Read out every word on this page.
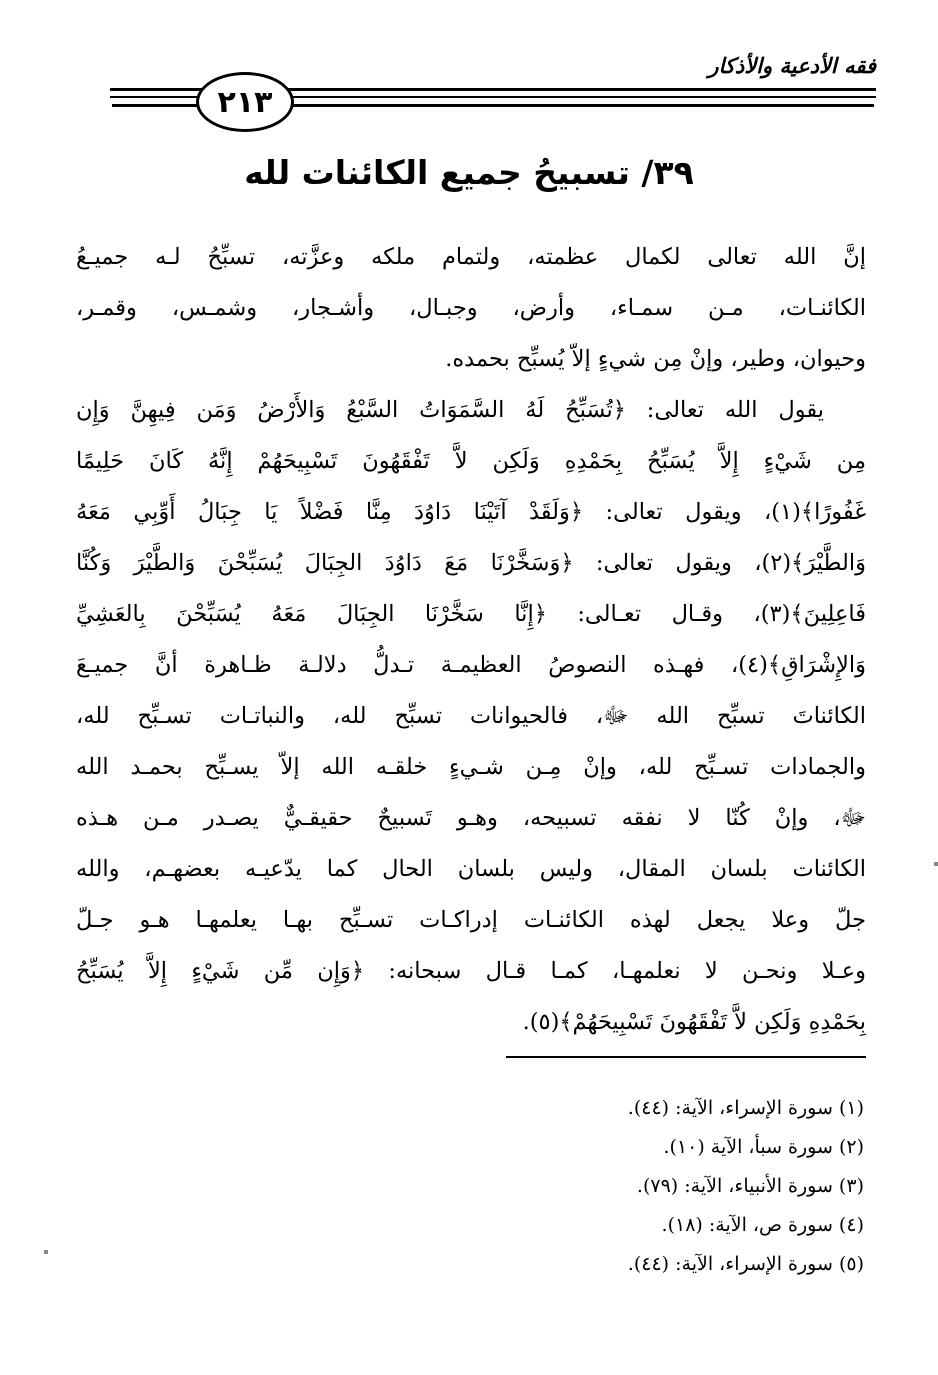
فقه الأدعية والأذكار
٢١٣
٣٩/ تسبيحُ جميع الكائنات لله
إنَّ الله تعالى لكمال عظمته، ولتمام ملكه وعزَّته، تسبِّحُ لـه جميـعُ
الكائنـات، مـن سمـاء، وأرض، وجبـال، وأشـجار، وشمـس، وقمـر،
وحيوان، وطير، وإنْ مِن شيءٍ إلاّ يُسبِّح بحمده.
يقول الله تعالى: ﴿تُسَبِّحُ لَهُ السَّمَوَاتُ السَّبْعُ وَالأَرْضُ وَمَن فِيهِنَّ وَإِن
مِن شَيْءٍ إِلاَّ يُسَبِّحُ بِحَمْدِهِ وَلَكِن لاَّ تَفْقَهُونَ تَسْبِيحَهُمْ إِنَّهُ كَانَ حَلِيمًا
غَفُورًا﴾(١)، ويقول تعالى: ﴿وَلَقَدْ آتَيْنَا دَاوُدَ مِنَّا فَضْلاً يَا جِبَالُ أَوِّبِي مَعَهُ
وَالطَّيْرَ﴾(٢)، ويقول تعالى: ﴿وَسَخَّرْنَا مَعَ دَاوُدَ الجِبَالَ يُسَبِّحْنَ وَالطَّيْرَ وَكُنَّا
فَاعِلِينَ﴾(٣)، وقـال تعـالى: ﴿إِنَّا سَخَّرْنَا الجِبَالَ مَعَهُ يُسَبِّحْنَ بِالعَشِيِّ
وَالإِشْرَاقِ﴾(٤)، فهـذه النصوصُ العظيمـة تـدلُّ دلالـة ظـاهرة أنَّ جميـعَ
الكائناتَ تسبِّح الله ﷻ، فالحيوانات تسبِّح لله، والنباتـات تسـبِّح لله،
والجمادات تسـبِّح لله، وإنْ مِـن شـيءٍ خلقـه الله إلاّ يسـبِّح بحمـد الله
ﷻ، وإنْ كُنّا لا نفقه تسبيحه، وهـو تَسبيحٌ حقيقـيٌّ يصـدر مـن هـذه
الكائنات بلسان المقال، وليس بلسان الحال كما يدّعيـه بعضهـم، والله
جلّ وعلا يجعل لهذه الكائنـات إدراكـات تسـبِّح بهـا يعلمهـا هـو جـلّ
وعـلا ونحـن لا نعلمهـا، كمـا قـال سبحانه: ﴿وَإِن مِّن شَيْءٍ إِلاَّ يُسَبِّحُ
بِحَمْدِهِ وَلَكِن لاَّ تَفْقَهُونَ تَسْبِيحَهُمْ﴾(٥).
(١) سورة الإسراء، الآية: (٤٤).
(٢) سورة سبأ، الآية (١٠).
(٣) سورة الأنبياء، الآية: (٧٩).
(٤) سورة ص، الآية: (١٨).
(٥) سورة الإسراء، الآية: (٤٤).
